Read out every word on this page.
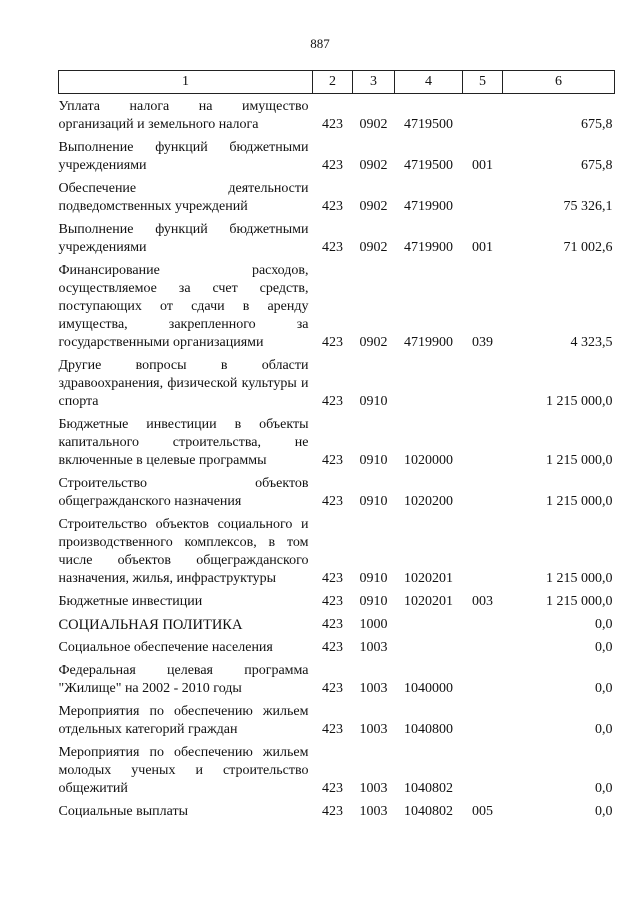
887
1	2	3	4	5	6
Уплата налога на имущество организаций и земельного налога	423	0902	4719500		675,8
Выполнение функций бюджетными учреждениями	423	0902	4719500	001	675,8
Обеспечение деятельности подведомственных учреждений	423	0902	4719900		75 326,1
Выполнение функций бюджетными учреждениями	423	0902	4719900	001	71 002,6
Финансирование расходов, осуществляемое за счет средств, поступающих от сдачи в аренду имущества, закрепленного за государственными организациями	423	0902	4719900	039	4 323,5
Другие вопросы в области здравоохранения, физической культуры и спорта	423	0910			1 215 000,0
Бюджетные инвестиции в объекты капитального строительства, не включенные в целевые программы	423	0910	1020000		1 215 000,0
Строительство объектов общегражданского назначения	423	0910	1020200		1 215 000,0
Строительство объектов социального и производственного комплексов, в том числе объектов общегражданского назначения, жилья, инфраструктуры	423	0910	1020201		1 215 000,0
Бюджетные инвестиции	423	0910	1020201	003	1 215 000,0
СОЦИАЛЬНАЯ ПОЛИТИКА	423	1000			0,0
Социальное обеспечение населения	423	1003			0,0
Федеральная целевая программа "Жилище" на 2002 - 2010 годы	423	1003	1040000		0,0
Мероприятия по обеспечению жильем отдельных категорий граждан	423	1003	1040800		0,0
Мероприятия по обеспечению жильем молодых ученых и строительство общежитий	423	1003	1040802		0,0
Социальные выплаты	423	1003	1040802	005	0,0
